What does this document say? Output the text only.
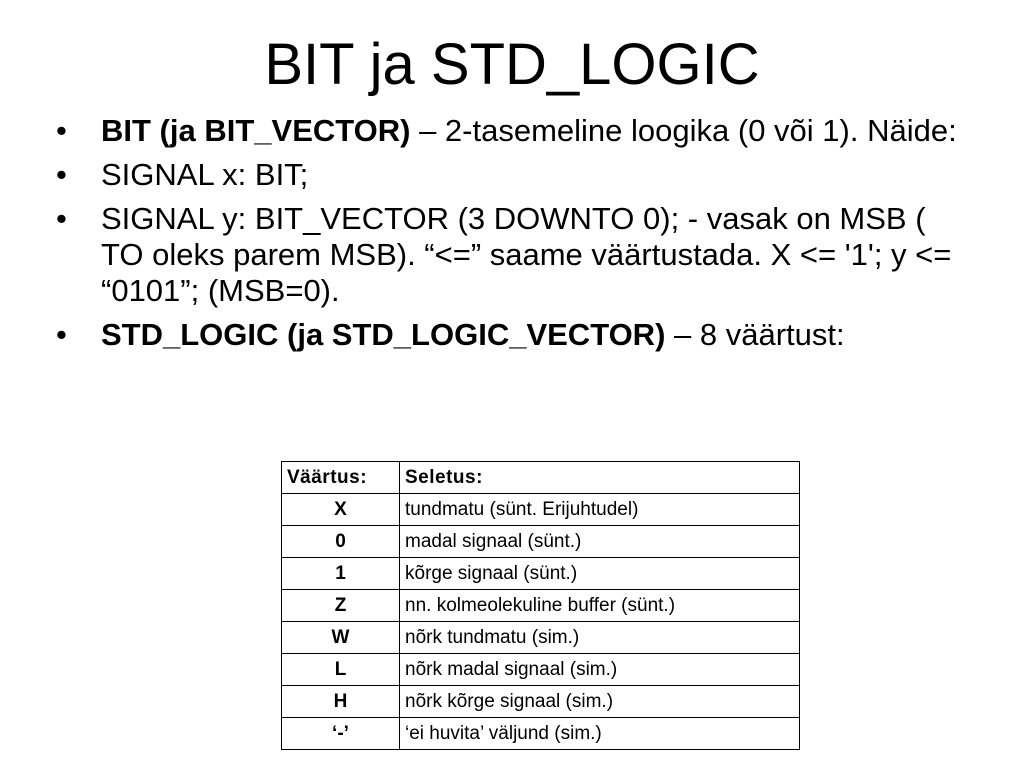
BIT ja STD_LOGIC
• BIT (ja BIT_VECTOR) – 2-tasemeline loogika (0 või 1). Näide:
• SIGNAL x: BIT;
• SIGNAL y: BIT_VECTOR (3 DOWNTO 0); - vasak on MSB ( TO oleks parem MSB). “<=” saame väärtustada. X <= '1'; y <= “0101”; (MSB=0).
• STD_LOGIC (ja STD_LOGIC_VECTOR) – 8 väärtust:
Väärtus:	Seletus:
X	tundmatu (sünt. Erijuhtudel)
0	madal signaal (sünt.)
1	kõrge signaal (sünt.)
Z	nn. kolmeolekuline buffer (sünt.)
W	nõrk tundmatu (sim.)
L	nõrk madal signaal (sim.)
H	nõrk kõrge signaal (sim.)
‘-’	‘ei huvita’ väljund (sim.)
